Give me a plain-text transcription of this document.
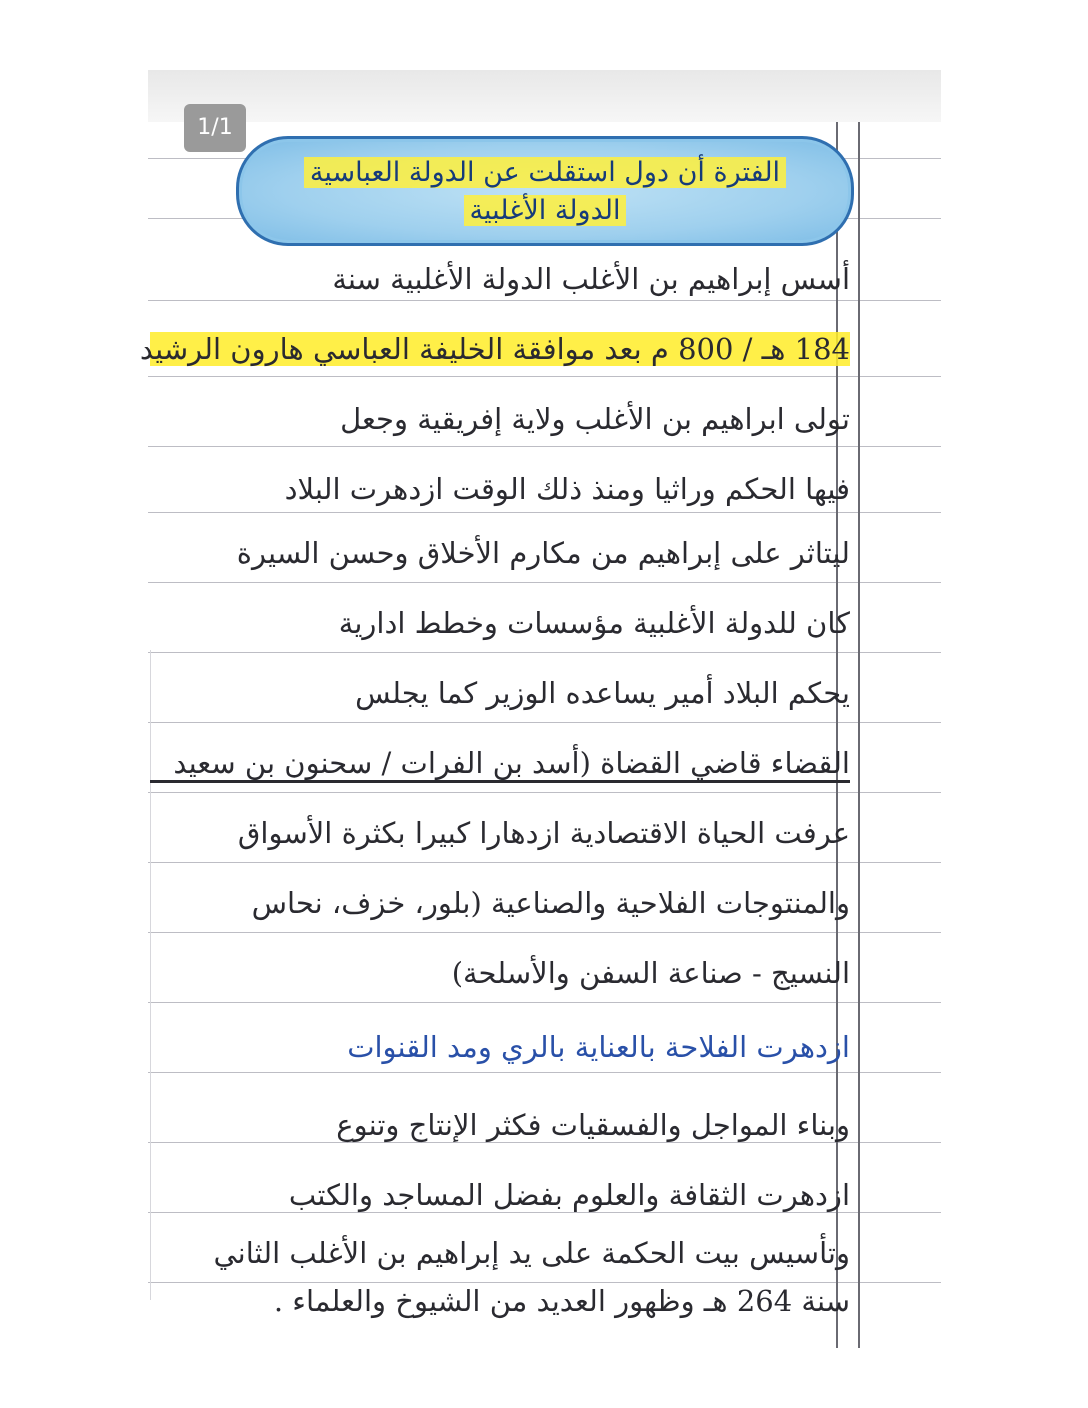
1/1
الفترة أن دول استقلت عن الدولة العباسية
الدولة الأغلبية
أسس إبراهيم بن الأغلب الدولة الأغلبية سنة
184 هـ / 800 م بعد موافقة الخليفة العباسي هارون الرشيد
تولى ابراهيم بن الأغلب ولاية إفريقية وجعل
فيها الحكم وراثيا ومنذ ذلك الوقت ازدهرت البلاد
ليتاثر على إبراهيم من مكارم الأخلاق وحسن السيرة
كان للدولة الأغلبية مؤسسات وخطط ادارية
يحكم البلاد أمير يساعده الوزير كما يجلس
القضاء قاضي القضاة (أسد بن الفرات / سحنون بن سعيد
عرفت الحياة الاقتصادية ازدهارا كبيرا بكثرة الأسواق
والمنتوجات الفلاحية والصناعية (بلور، خزف، نحاس
النسيج - صناعة السفن والأسلحة)
ازدهرت الفلاحة بالعناية بالري ومد القنوات
وبناء المواجل والفسقيات فكثر الإنتاج وتنوع
ازدهرت الثقافة والعلوم بفضل المساجد والكتب
وتأسيس بيت الحكمة على يد إبراهيم بن الأغلب الثاني
سنة 264 هـ وظهور العديد من الشيوخ والعلماء .
